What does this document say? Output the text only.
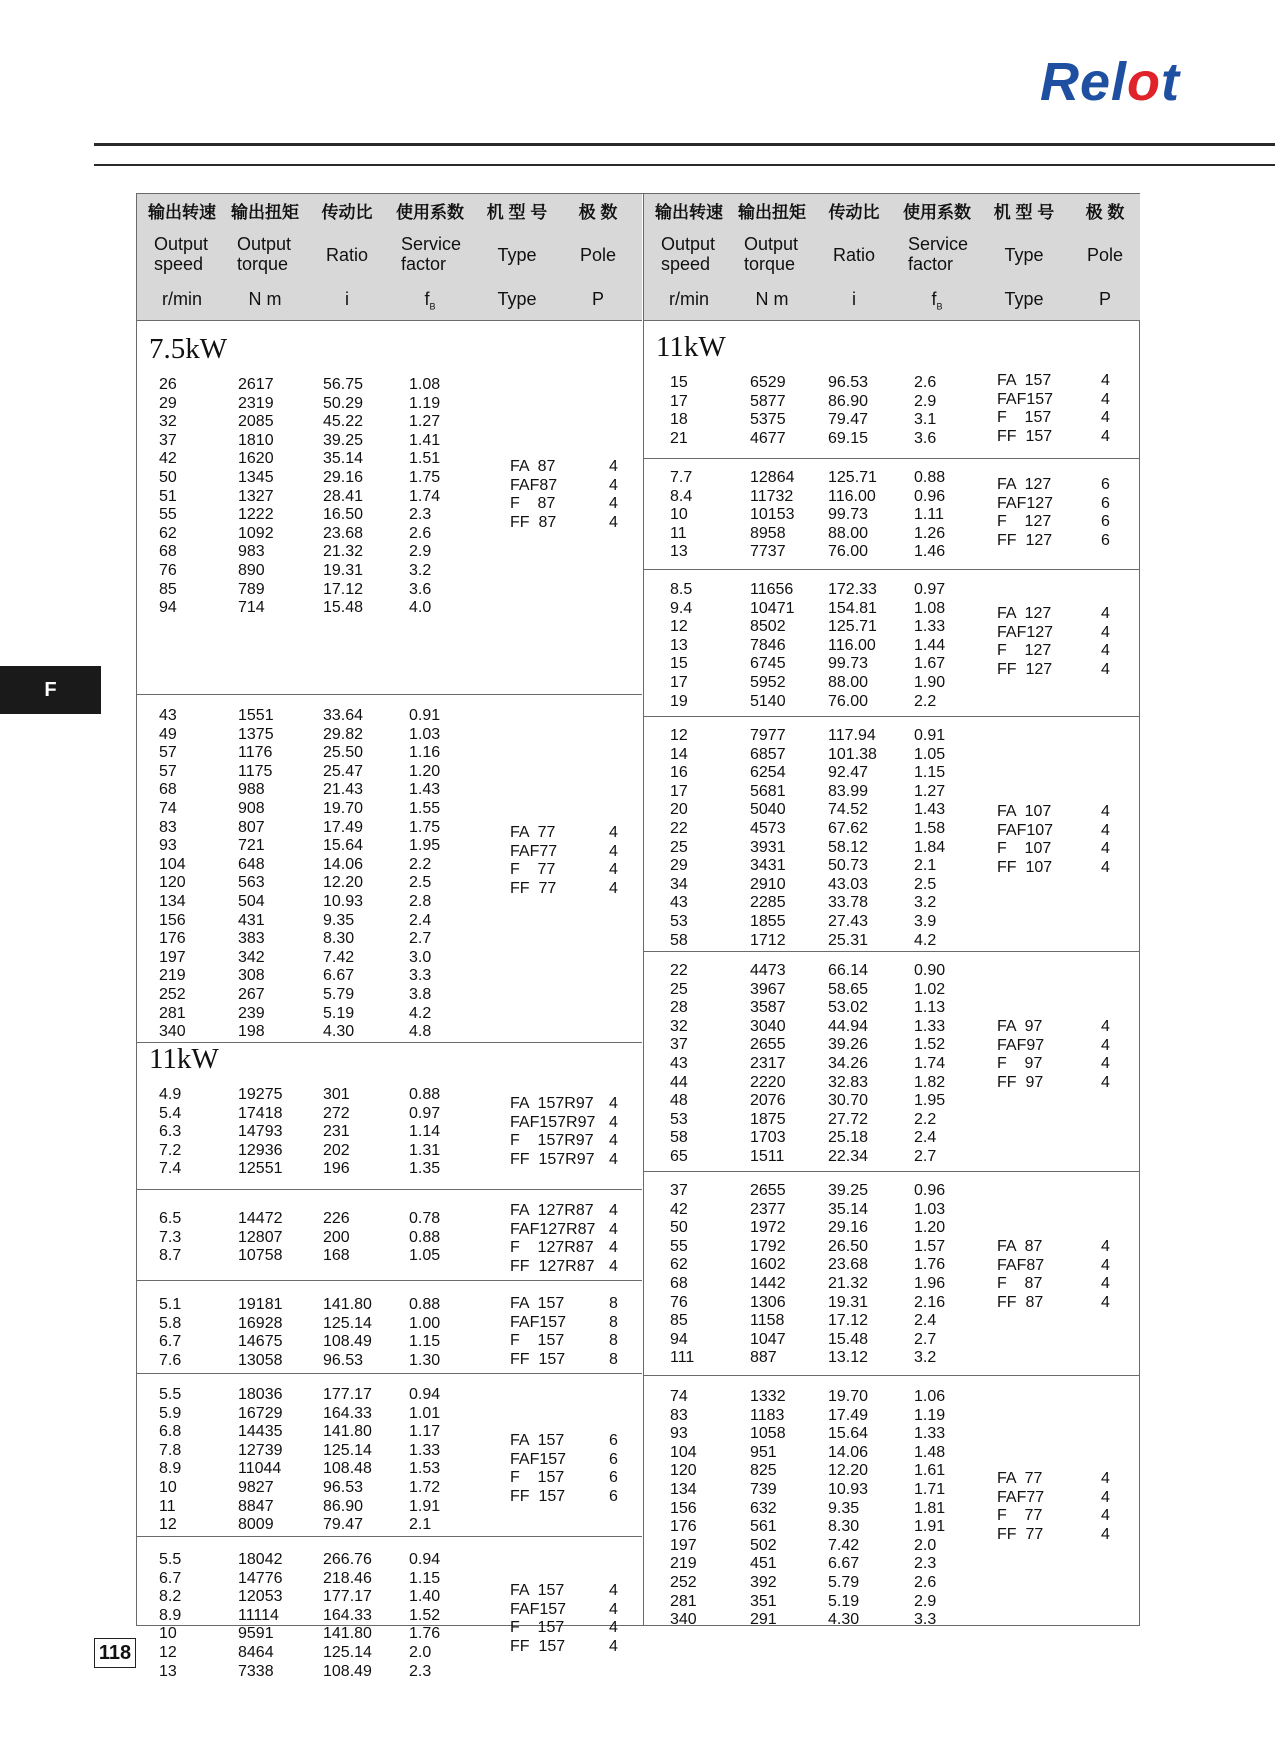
Relot
F
输出转速
Output
speed
r/min
输出扭矩
Output
torque
N m
传动比
Ratio
i
使用系数
Service
factor
$f_B$
机 型 号
Type
Type
极 数
Pole
P
7.5kW
26	2617	56.75	1.08
29	2319	50.29	1.19
32	2085	45.22	1.27
37	1810	39.25	1.41
42	1620	35.14	1.51
50	1345	29.16	1.75
51	1327	28.41	1.74
55	1222	16.50	2.3
62	1092	23.68	2.6
68	983	21.32	2.9
76	890	19.31	3.2
85	789	17.12	3.6
94	714	15.48	4.0
FA  87	4
FAF87	4
F    87	4
FF  87	4
43	1551	33.64	0.91
49	1375	29.82	1.03
57	1176	25.50	1.16
57	1175	25.47	1.20
68	988	21.43	1.43
74	908	19.70	1.55
83	807	17.49	1.75
93	721	15.64	1.95
104	648	14.06	2.2
120	563	12.20	2.5
134	504	10.93	2.8
156	431	9.35	2.4
176	383	8.30	2.7
197	342	7.42	3.0
219	308	6.67	3.3
252	267	5.79	3.8
281	239	5.19	4.2
340	198	4.30	4.8
FA  77	4
FAF77	4
F    77	4
FF  77	4
11kW
4.9	19275	301	0.88
5.4	17418	272	0.97
6.3	14793	231	1.14
7.2	12936	202	1.31
7.4	12551	196	1.35
FA  157R97 4
FAF157R97 4
F    157R97 4
FF  157R97 4
6.5	14472	226	0.78
7.3	12807	200	0.88
8.7	10758	168	1.05
FA  127R87 4
FAF127R87 4
F    127R87 4
FF  127R87 4
5.1	19181	141.80 0.88
5.8	16928	125.14 1.00
6.7	14675	108.49 1.15
7.6	13058	96.53	1.30
FA  157	8
FAF157	8
F    157	8
FF  157	8
5.5	18036	177.17 0.94
5.9	16729	164.33 1.01
6.8	14435	141.80 1.17
7.8	12739	125.14 1.33
8.9	11044	108.48 1.53
10	9827	96.53	1.72
11	8847	86.90	1.91
12	8009	79.47	2.1
FA  157	6
FAF157	6
F    157	6
FF  157	6
5.5	18042	266.76 0.94
6.7	14776	218.46 1.15
8.2	12053	177.17 1.40
8.9	11114	164.33 1.52
10	9591	141.80 1.76
12	8464	125.14 2.0
13	7338	108.49 2.3
FA  157	4
FAF157	4
F    157	4
FF  157	4
输出转速
Output
speed
r/min
输出扭矩
Output
torque
N m
传动比
Ratio
i
使用系数
Service
factor
$f_B$
机 型 号
Type
Type
极 数
Pole
P
11kW
15	6529	96.53	2.6
17	5877	86.90	2.9
18	5375	79.47	3.1
21	4677	69.15	3.6
FA  157	4
FAF157	4
F    157	4
FF  157	4
7.7	12864 125.71 0.88
8.4	11732 116.00 0.96
10	10153 99.73	1.11
11	8958	88.00	1.26
13	7737	76.00	1.46
FA  127	6
FAF127	6
F    127	6
FF  127	6
8.5	11656 172.33 0.97
9.4	10471 154.81 1.08
12	8502	125.71 1.33
13	7846	116.00 1.44
15	6745	99.73	1.67
17	5952	88.00	1.90
19	5140	76.00	2.2
FA  127	4
FAF127	4
F    127	4
FF  127	4
12	7977	117.94 0.91
14	6857	101.38 1.05
16	6254	92.47	1.15
17	5681	83.99	1.27
20	5040	74.52	1.43
22	4573	67.62	1.58
25	3931	58.12	1.84
29	3431	50.73	2.1
34	2910	43.03	2.5
43	2285	33.78	3.2
53	1855	27.43	3.9
58	1712	25.31	4.2
FA  107	4
FAF107	4
F    107	4
FF  107	4
22	4473	66.14	0.90
25	3967	58.65	1.02
28	3587	53.02	1.13
32	3040	44.94	1.33
37	2655	39.26	1.52
43	2317	34.26	1.74
44	2220	32.83	1.82
48	2076	30.70	1.95
53	1875	27.72	2.2
58	1703	25.18	2.4
65	1511	22.34	2.7
FA  97	4
FAF97	4
F    97	4
FF  97	4
37	2655	39.25	0.96
42	2377	35.14	1.03
50	1972	29.16	1.20
55	1792	26.50	1.57
62	1602	23.68	1.76
68	1442	21.32	1.96
76	1306	19.31	2.16
85	1158	17.12	2.4
94	1047	15.48	2.7
111	887	13.12	3.2
FA  87	4
FAF87	4
F    87	4
FF  87	4
74	1332	19.70	1.06
83	1183	17.49	1.19
93	1058	15.64	1.33
104	951	14.06	1.48
120	825	12.20	1.61
134	739	10.93	1.71
156	632	9.35	1.81
176	561	8.30	1.91
197	502	7.42	2.0
219	451	6.67	2.3
252	392	5.79	2.6
281	351	5.19	2.9
340	291	4.30	3.3
FA  77	4
FAF77	4
F    77	4
FF  77	4
118
